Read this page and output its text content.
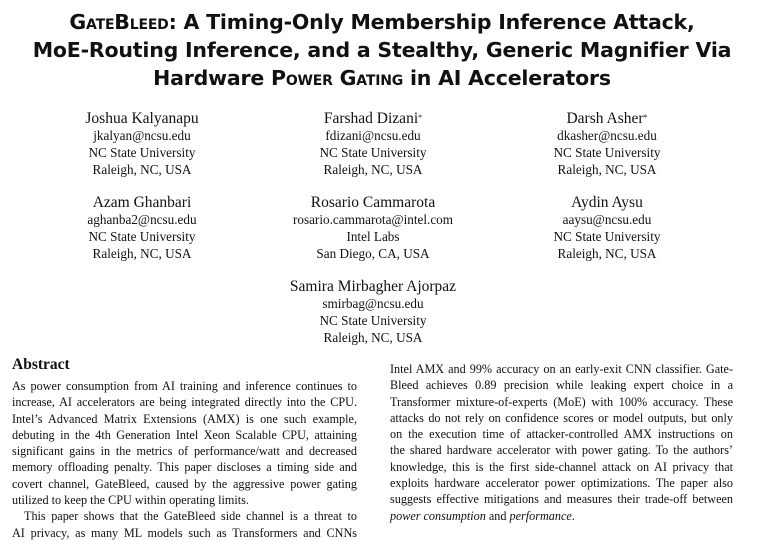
GateBleed: A Timing-Only Membership Inference Attack,
MoE-Routing Inference, and a Stealthy, Generic Magnifier Via
Hardware Power Gating in AI Accelerators
Joshua Kalyanapu
jkalyan@ncsu.edu
NC State University
Raleigh, NC, USA
Farshad Dizani*
fdizani@ncsu.edu
NC State University
Raleigh, NC, USA
Darsh Asher*
dkasher@ncsu.edu
NC State University
Raleigh, NC, USA
Azam Ghanbari
aghanba2@ncsu.edu
NC State University
Raleigh, NC, USA
Rosario Cammarota
rosario.cammarota@intel.com
Intel Labs
San Diego, CA, USA
Aydin Aysu
aaysu@ncsu.edu
NC State University
Raleigh, NC, USA
Samira Mirbagher Ajorpaz
smirbag@ncsu.edu
NC State University
Raleigh, NC, USA
Abstract
As power consumption from AI training and inference continues to
increase, AI accelerators are being integrated directly into the CPU.
Intel’s Advanced Matrix Extensions (AMX) is one such example,
debuting in the 4th Generation Intel Xeon Scalable CPU, attaining
significant gains in the metrics of performance/watt and decreased
memory offloading penalty. This paper discloses a timing side and
covert channel, GateBleed, caused by the aggressive power gating
utilized to keep the CPU within operating limits.
This paper shows that the GateBleed side channel is a threat to
AI privacy, as many ML models such as Transformers and CNNs
Intel AMX and 99% accuracy on an early-exit CNN classifier. Gate-
Bleed achieves 0.89 precision while leaking expert choice in a
Transformer mixture-of-experts (MoE) with 100% accuracy. These
attacks do not rely on confidence scores or model outputs, but only
on the execution time of attacker-controlled AMX instructions on
the shared hardware accelerator with power gating. To the authors’
knowledge, this is the first side-channel attack on AI privacy that
exploits hardware accelerator power optimizations. The paper also
suggests effective mitigations and measures their trade-off between
power consumption and performance.
